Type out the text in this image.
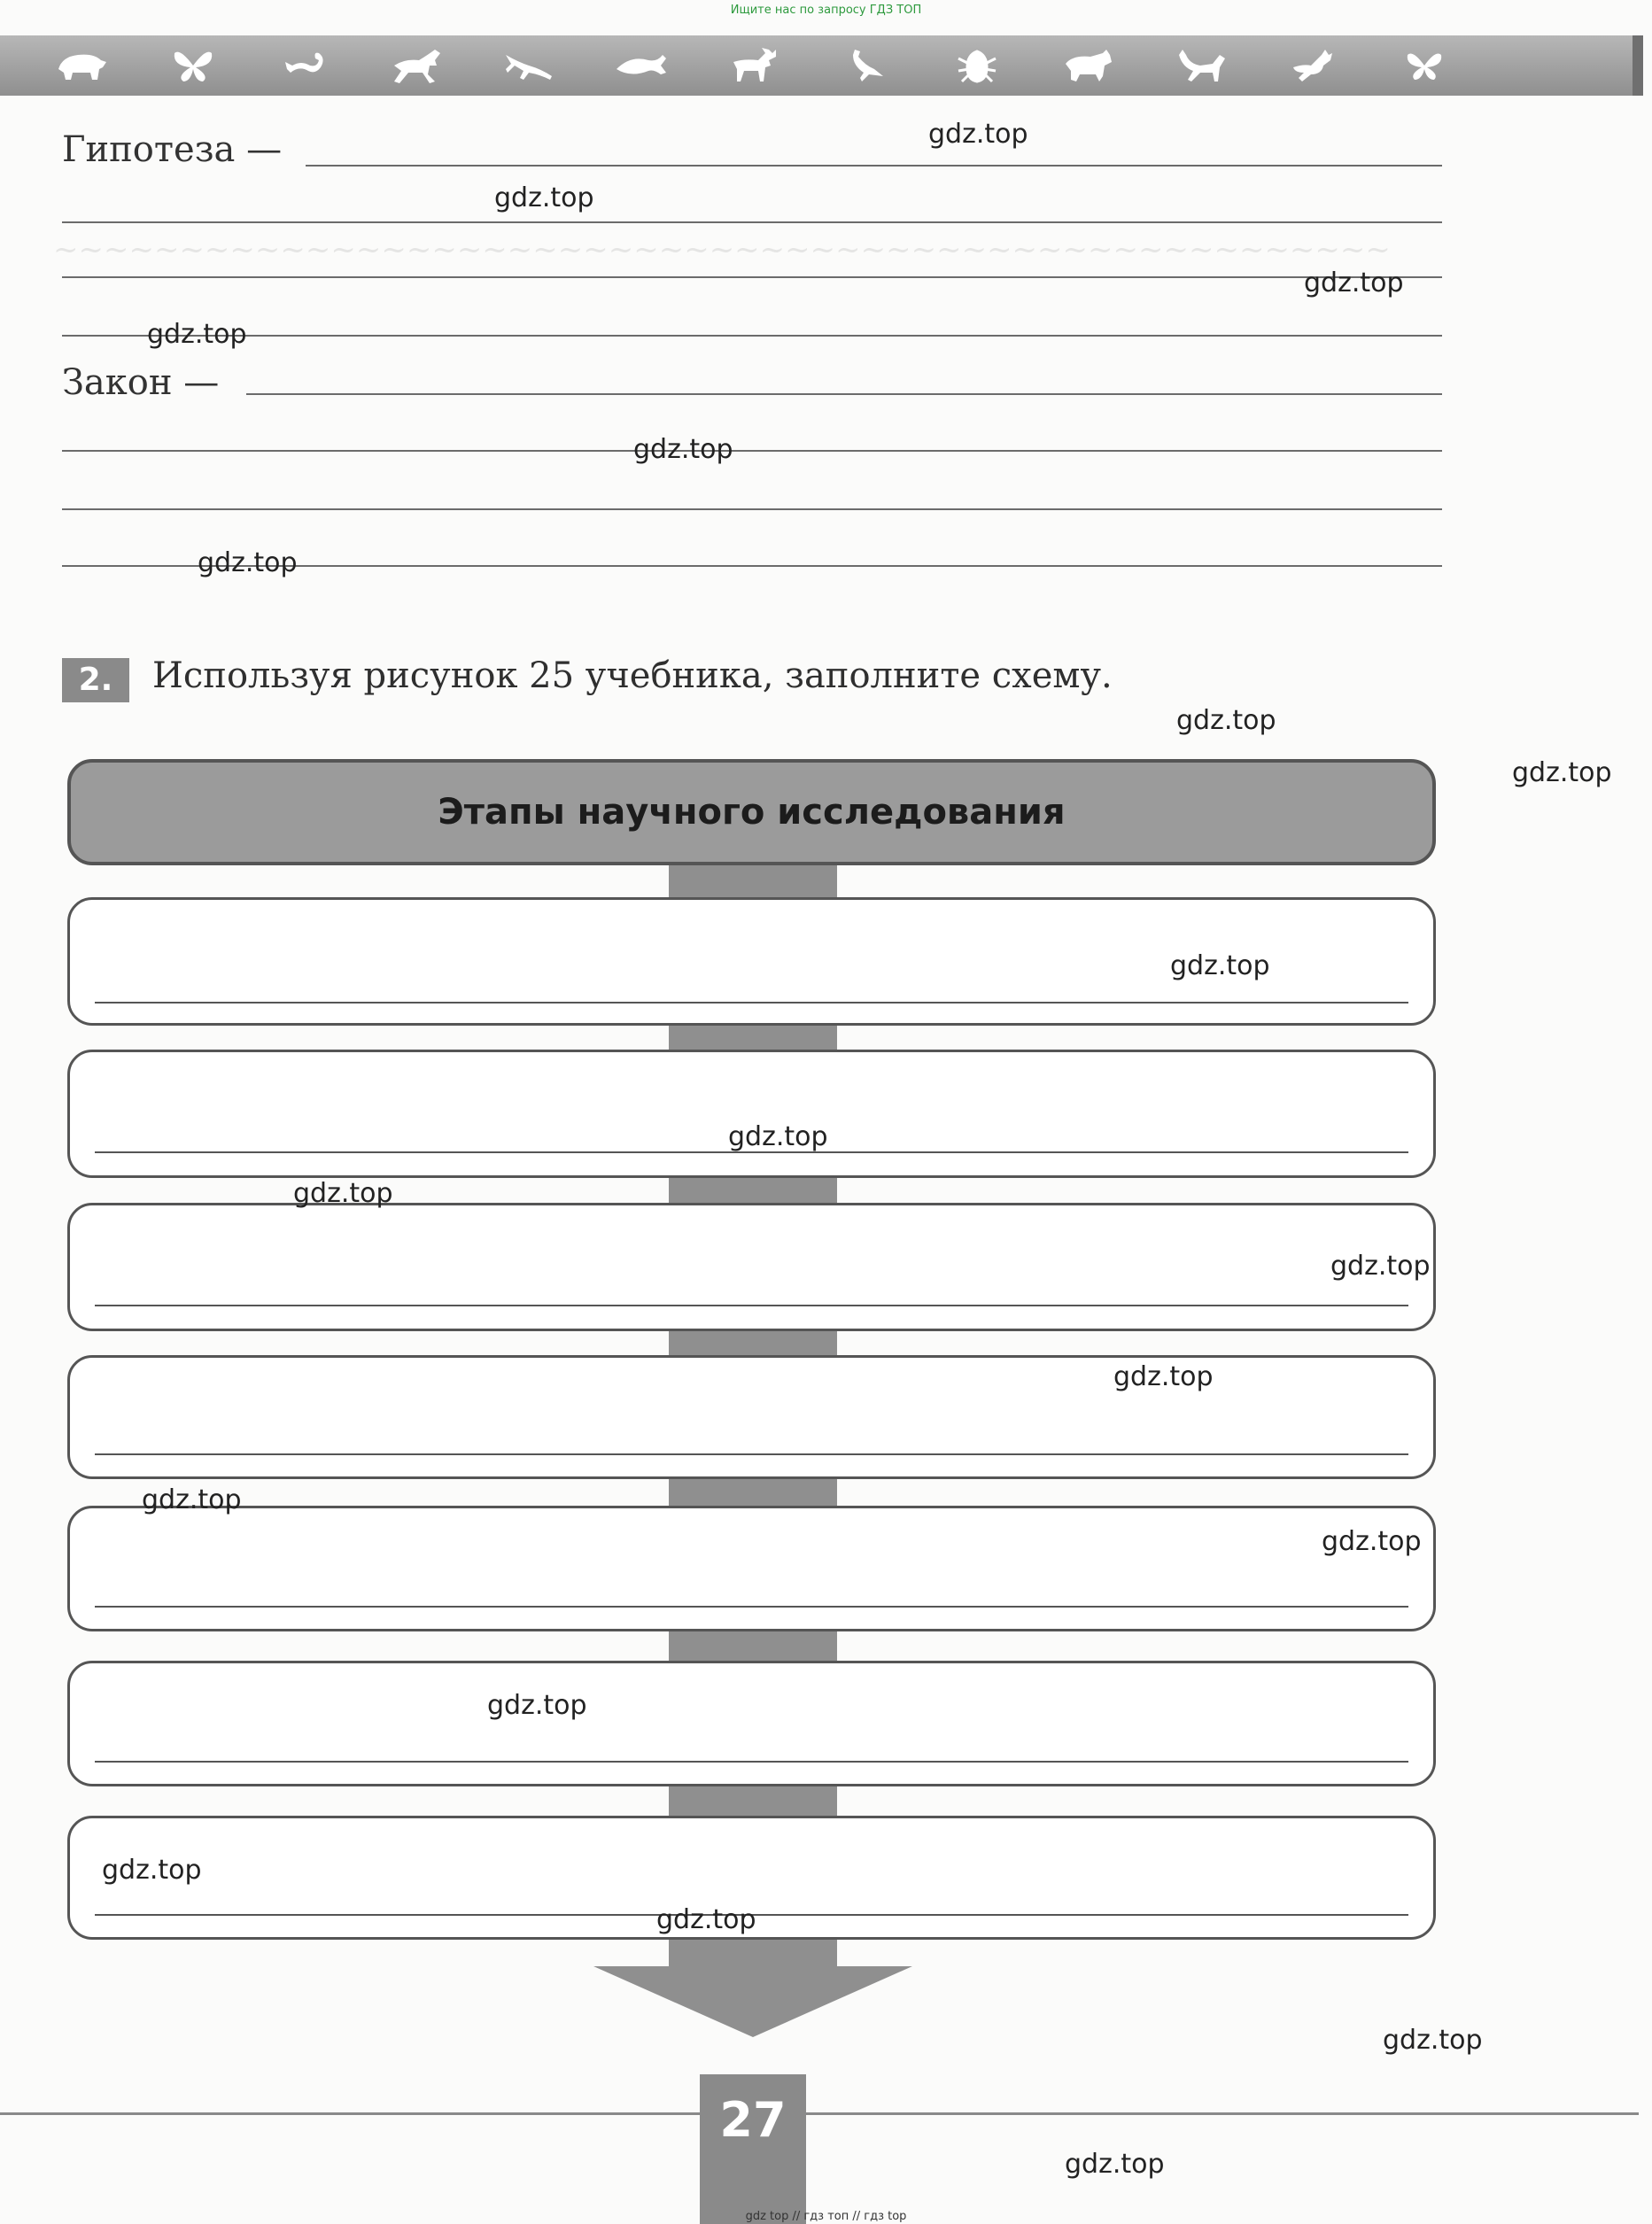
Ищите нас по запросу ГДЗ ТОП
~~~~~~~~~~~~~~~~~~~~~~~~~~~~~~~~~~~~~~~~~~~~~~~~~~~~~
Гипотеза —
Закон —
2.	Используя рисунок 25 учебника, заполните схему.
Этапы научного исследования
27
gdz.top
gdz.top
gdz.top
gdz.top
gdz.top
gdz.top
gdz.top
gdz.top
gdz.top
gdz.top
gdz.top
gdz.top
gdz.top
gdz.top
gdz.top
gdz.top
gdz.top
gdz.top
gdz.top
gdz.top
gdz top // гдз топ // гдз top
